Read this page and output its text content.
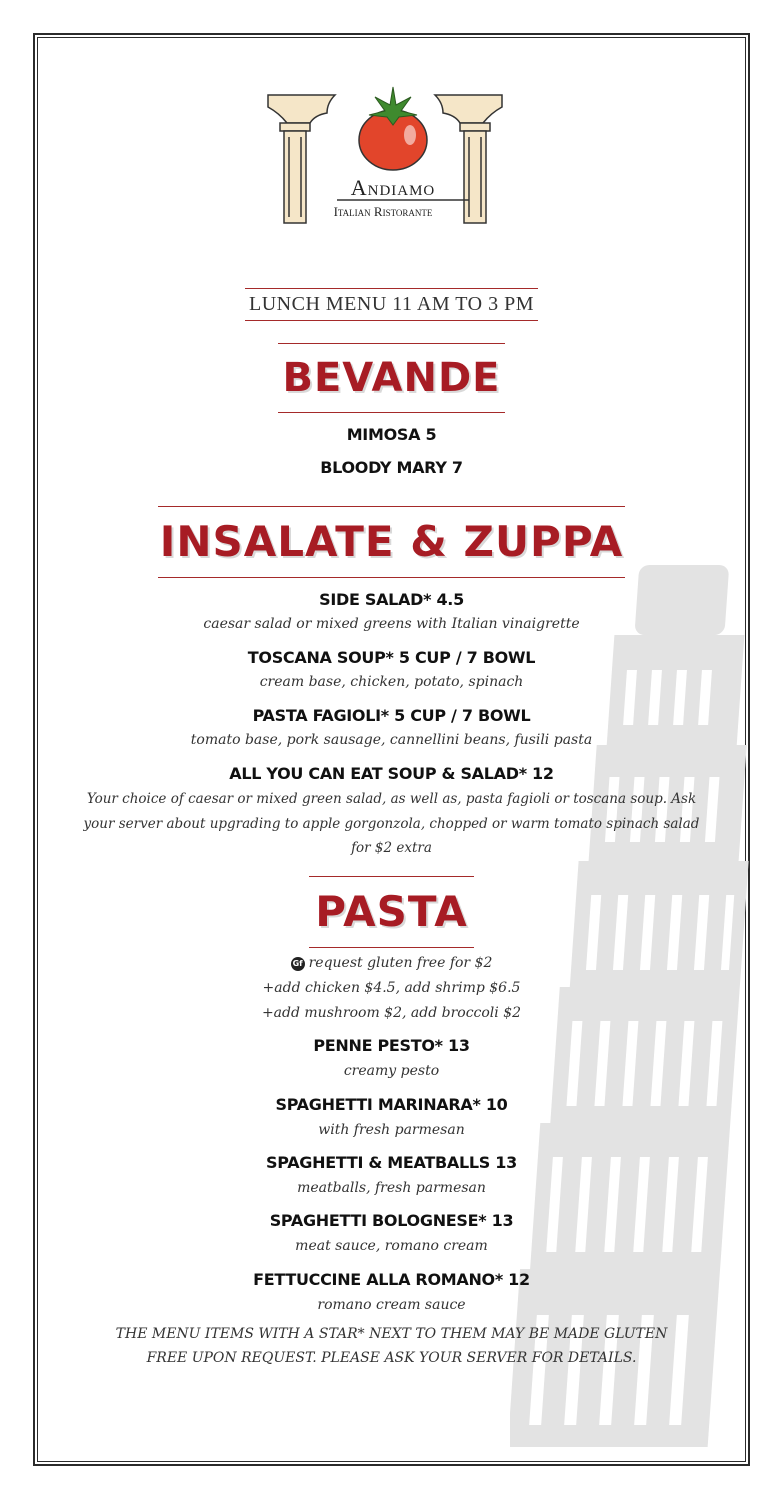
Andiamo
Italian Ristorante
LUNCH MENU 11 AM TO 3 PM
BEVANDE
MIMOSA 5
BLOODY MARY 7
INSALATE & ZUPPA
SIDE SALAD* 4.5
caesar salad or mixed greens with Italian vinaigrette
TOSCANA SOUP* 5 CUP / 7 BOWL
cream base, chicken, potato, spinach
PASTA FAGIOLI* 5 CUP / 7 BOWL
tomato base, pork sausage, cannellini beans, fusili pasta
ALL YOU CAN EAT SOUP & SALAD* 12
Your choice of caesar or mixed green salad, as well as, pasta fagioli or toscana soup. Ask
your server about upgrading to apple gorgonzola, chopped or warm tomato spinach salad
for $2 extra
PASTA
Gf request gluten free for $2
+add chicken $4.5, add shrimp $6.5
+add mushroom $2, add broccoli $2
PENNE PESTO* 13
creamy pesto
SPAGHETTI MARINARA* 10
with fresh parmesan
SPAGHETTI & MEATBALLS 13
meatballs, fresh parmesan
SPAGHETTI BOLOGNESE* 13
meat sauce, romano cream
FETTUCCINE ALLA ROMANO* 12
romano cream sauce
THE MENU ITEMS WITH A STAR* NEXT TO THEM MAY BE MADE GLUTEN
FREE UPON REQUEST. PLEASE ASK YOUR SERVER FOR DETAILS.
